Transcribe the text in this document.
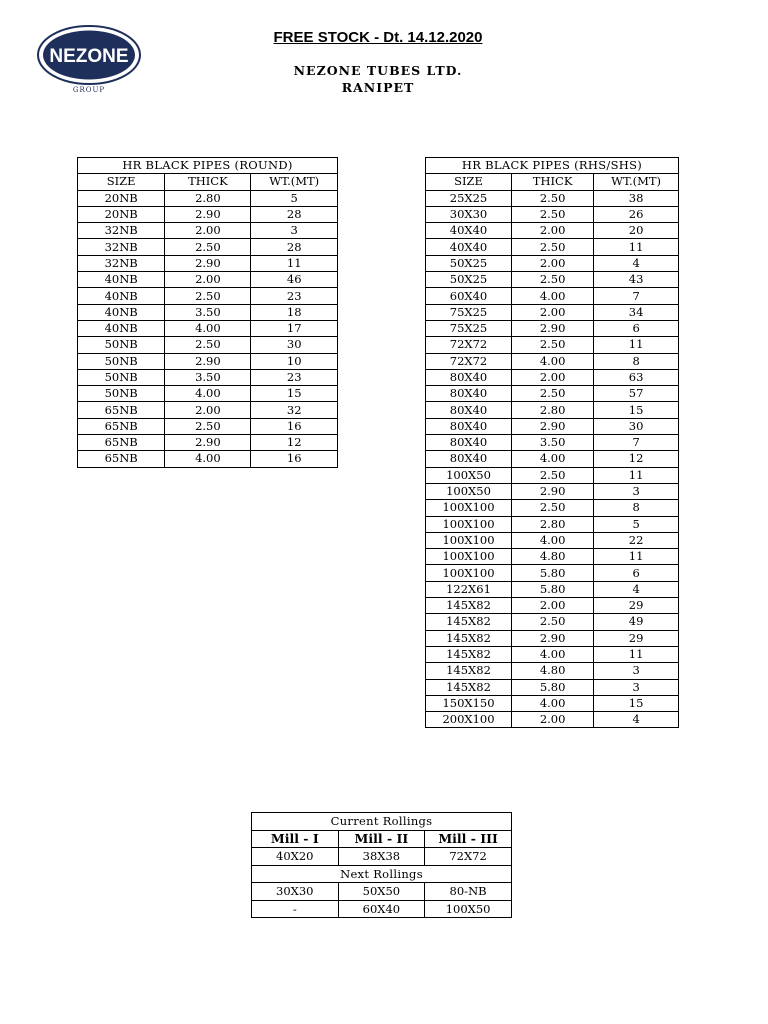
NEZONE
GROUP
FREE STOCK - Dt. 14.12.2020
NEZONE TUBES LTD.
RANIPET
HR BLACK PIPES (ROUND)		
SIZE	THICK	WT.(MT)
20NB	2.80	5
20NB	2.90	28
32NB	2.00	3
32NB	2.50	28
32NB	2.90	11
40NB	2.00	46
40NB	2.50	23
40NB	3.50	18
40NB	4.00	17
50NB	2.50	30
50NB	2.90	10
50NB	3.50	23
50NB	4.00	15
65NB	2.00	32
65NB	2.50	16
65NB	2.90	12
65NB	4.00	16
HR BLACK PIPES (RHS/SHS)		
SIZE	THICK	WT.(MT)
25X25	2.50	38
30X30	2.50	26
40X40	2.00	20
40X40	2.50	11
50X25	2.00	4
50X25	2.50	43
60X40	4.00	7
75X25	2.00	34
75X25	2.90	6
72X72	2.50	11
72X72	4.00	8
80X40	2.00	63
80X40	2.50	57
80X40	2.80	15
80X40	2.90	30
80X40	3.50	7
80X40	4.00	12
100X50	2.50	11
100X50	2.90	3
100X100	2.50	8
100X100	2.80	5
100X100	4.00	22
100X100	4.80	11
100X100	5.80	6
122X61	5.80	4
145X82	2.00	29
145X82	2.50	49
145X82	2.90	29
145X82	4.00	11
145X82	4.80	3
145X82	5.80	3
150X150	4.00	15
200X100	2.00	4
Current Rollings		
Mill - I	Mill - II	Mill - III
40X20	38X38	72X72
Next Rollings		
30X30	50X50	80-NB
-	60X40	100X50
